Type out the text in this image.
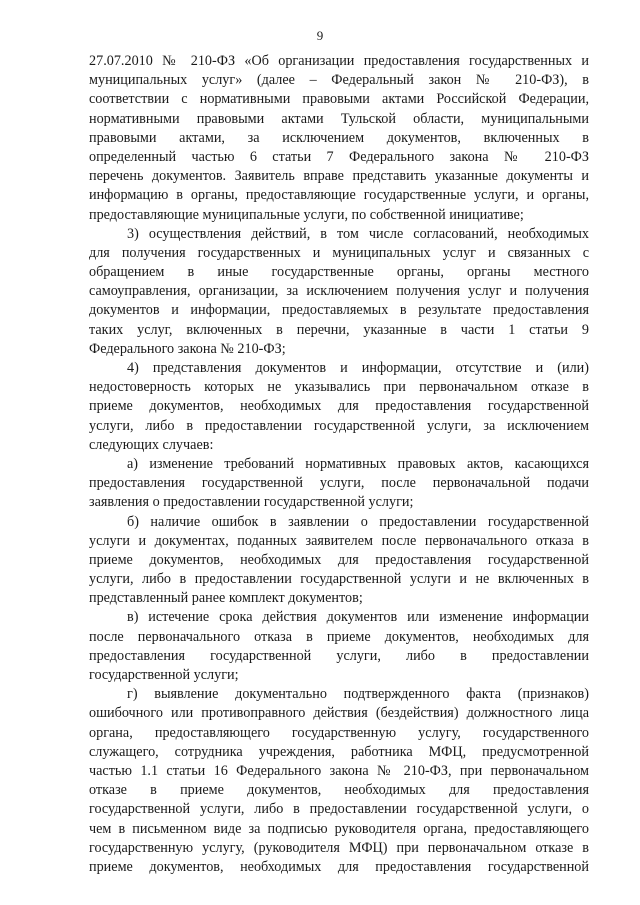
9
27.07.2010 № 210-ФЗ «Об организации предоставления государственных и
муниципальных услуг» (далее – Федеральный закон № 210-ФЗ), в
соответствии с нормативными правовыми актами Российской Федерации,
нормативными правовыми актами Тульской области, муниципальными
правовыми актами, за исключением документов, включенных в
определенный частью 6 статьи 7 Федерального закона № 210-ФЗ
перечень документов. Заявитель вправе представить указанные документы и
информацию в органы, предоставляющие государственные услуги, и органы,
предоставляющие муниципальные услуги, по собственной инициативе;
3) осуществления действий, в том числе согласований, необходимых
для получения государственных и муниципальных услуг и связанных с
обращением в иные государственные органы, органы местного
самоуправления, организации, за исключением получения услуг и получения
документов и информации, предоставляемых в результате предоставления
таких услуг, включенных в перечни, указанные в части 1 статьи 9
Федерального закона № 210-ФЗ;
4) представления документов и информации, отсутствие и (или)
недостоверность которых не указывались при первоначальном отказе в
приеме документов, необходимых для предоставления государственной
услуги, либо в предоставлении государственной услуги, за исключением
следующих случаев:
а) изменение требований нормативных правовых актов, касающихся
предоставления государственной услуги, после первоначальной подачи
заявления о предоставлении государственной услуги;
б) наличие ошибок в заявлении о предоставлении государственной
услуги и документах, поданных заявителем после первоначального отказа в
приеме документов, необходимых для предоставления государственной
услуги, либо в предоставлении государственной услуги и не включенных в
представленный ранее комплект документов;
в) истечение срока действия документов или изменение информации
после первоначального отказа в приеме документов, необходимых для
предоставления государственной услуги, либо в предоставлении
государственной услуги;
г) выявление документально подтвержденного факта (признаков)
ошибочного или противоправного действия (бездействия) должностного лица
органа, предоставляющего государственную услугу, государственного
служащего, сотрудника учреждения, работника МФЦ, предусмотренной
частью 1.1 статьи 16 Федерального закона № 210-ФЗ, при первоначальном
отказе в приеме документов, необходимых для предоставления
государственной услуги, либо в предоставлении государственной услуги, о
чем в письменном виде за подписью руководителя органа, предоставляющего
государственную услугу, (руководителя МФЦ) при первоначальном отказе в
приеме документов, необходимых для предоставления государственной
